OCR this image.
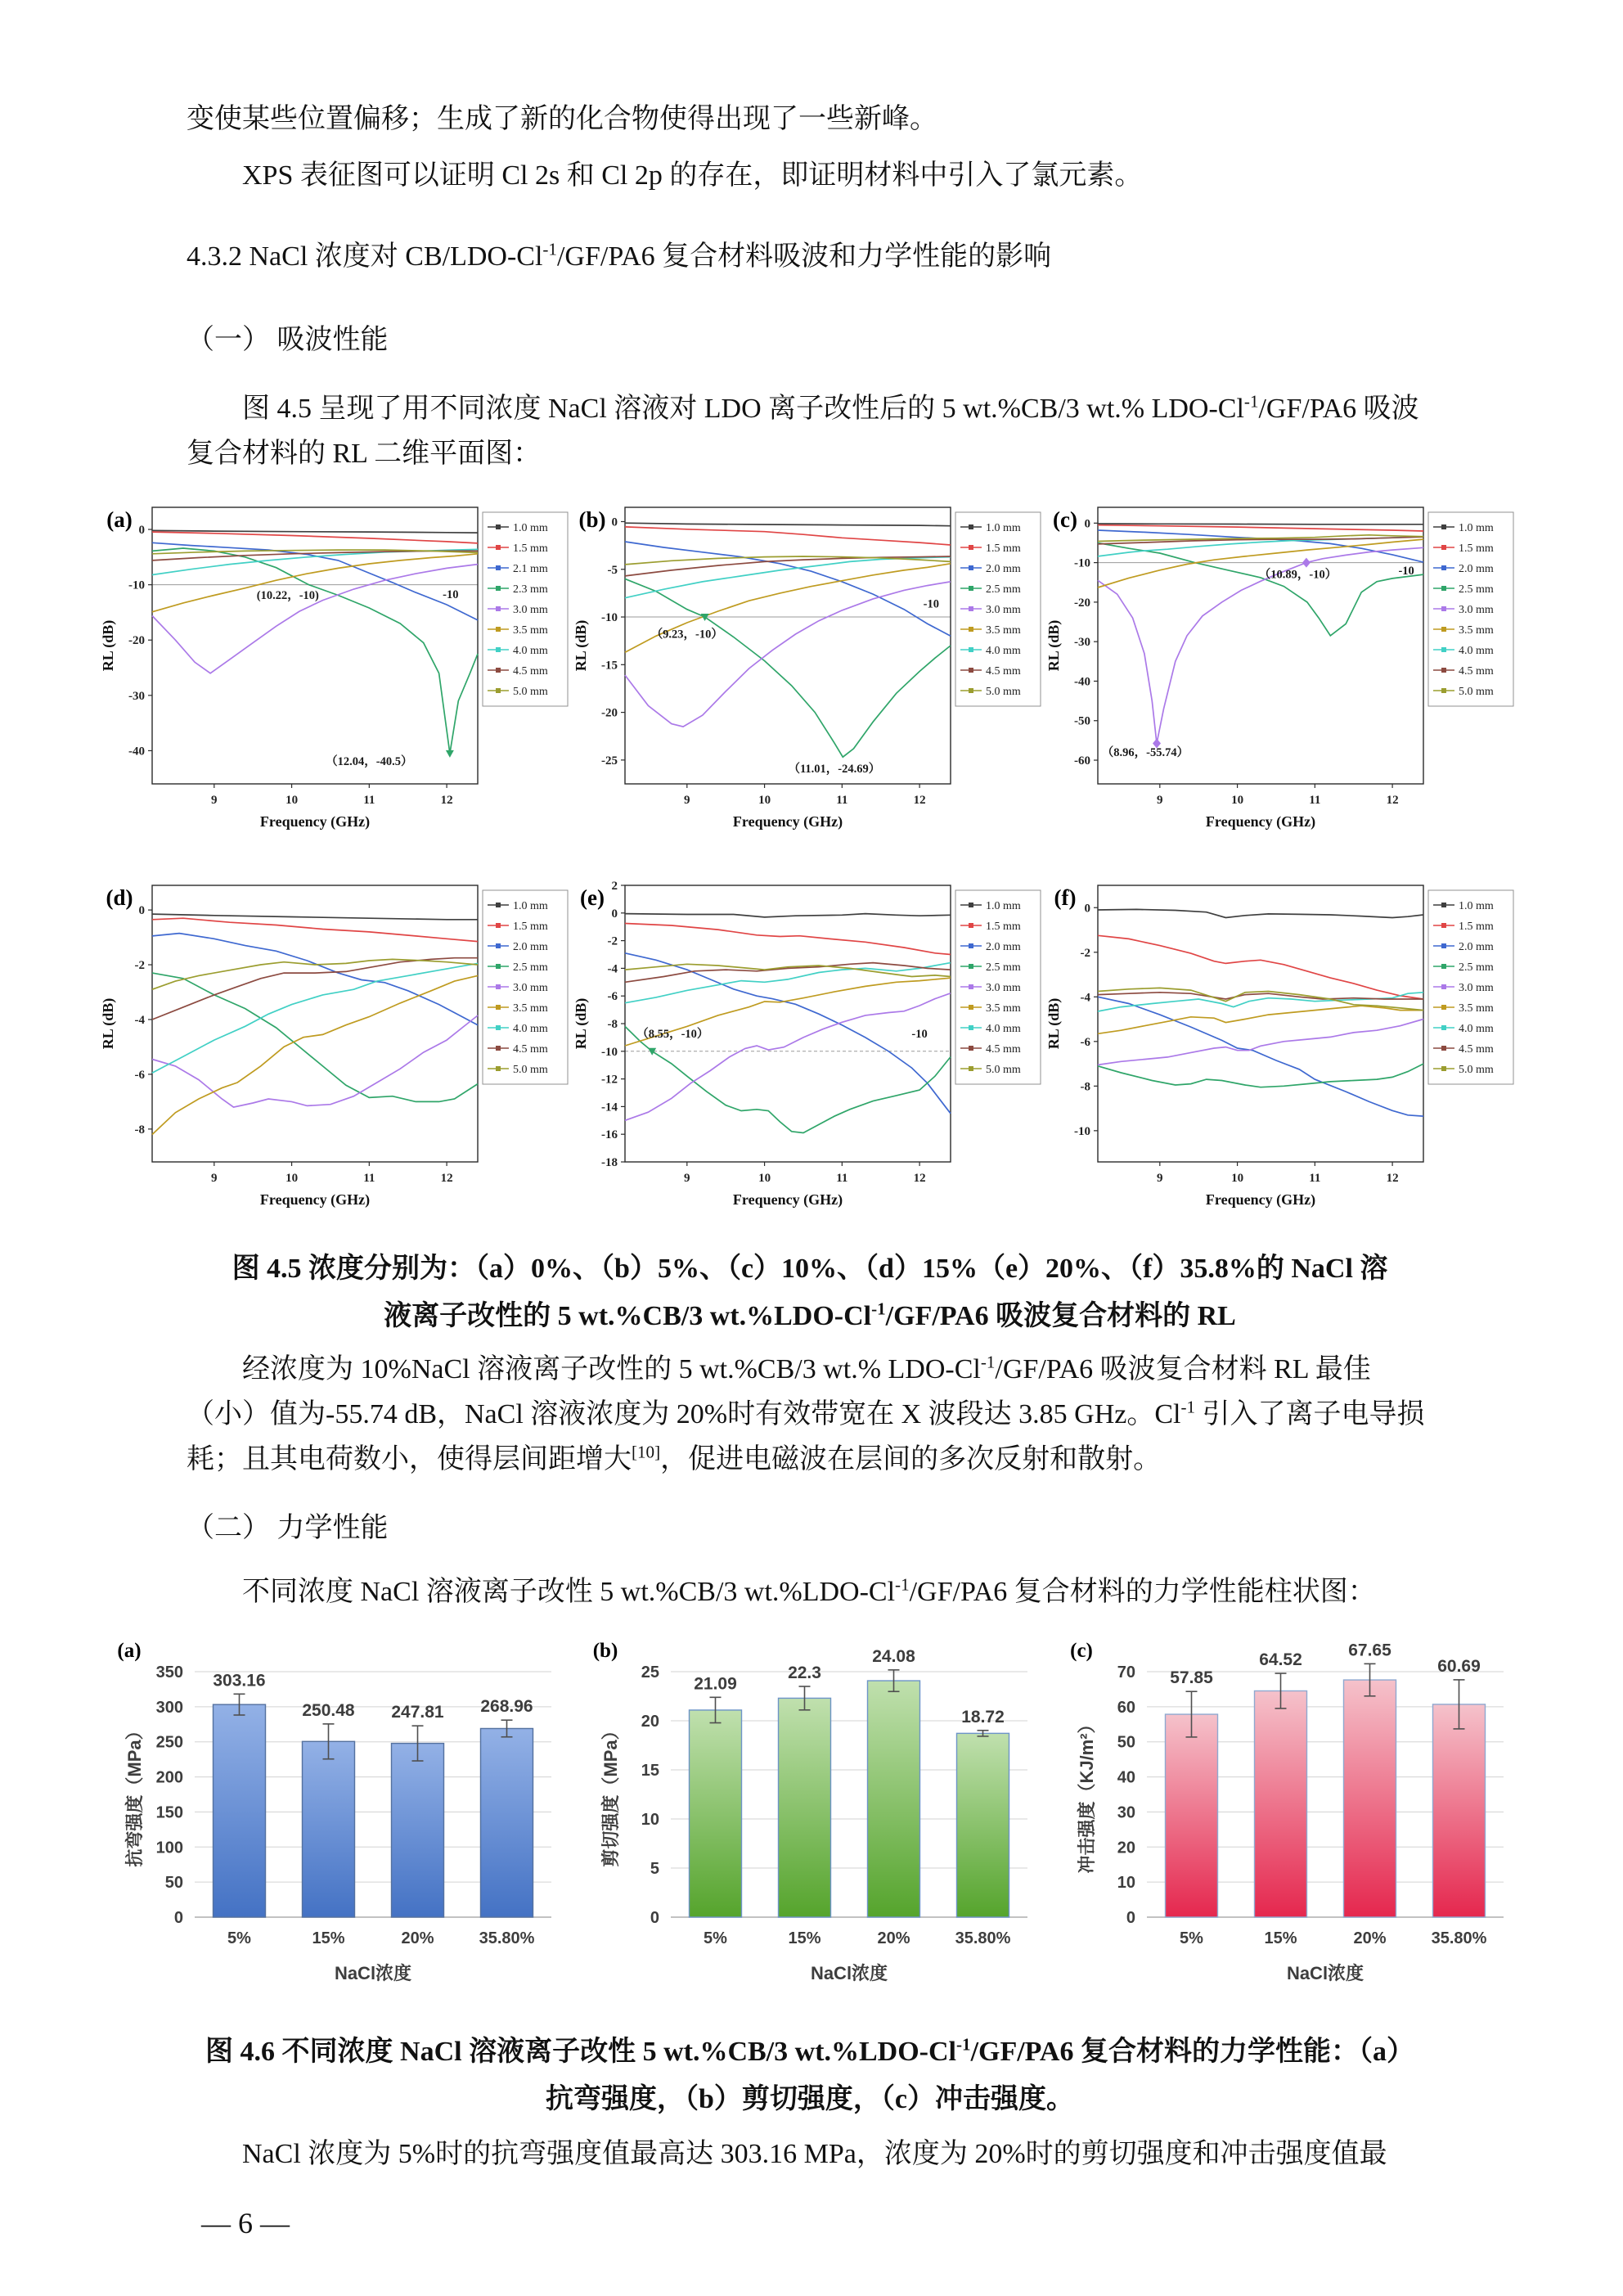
变使某些位置偏移；生成了新的化合物使得出现了一些新峰。

XPS 表征图可以证明 Cl 2s 和 Cl 2p 的存在，即证明材料中引入了氯元素。

4.3.2 NaCl 浓度对 $CB/LDO-Cl^{-1}/GF/PA6$ 复合材料吸波和力学性能的影响

（一） 吸波性能

图 4.5 呈现了用不同浓度 NaCl 溶液对 LDO 离子改性后的 5 wt.%CB/3 wt.% LDO-$Cl^{-1}/GF/PA6$ 吸波复合材料的 RL 二维平面图：

(a)
9	10	11	12
0
-10
-20
-30
-40
Frequency (GHz)
RL (dB)
(10.22，-10)	-10
（12.04，-40.5）
1.0 mm
1.5 mm
2.1 mm
2.3 mm
3.0 mm
3.5 mm
4.0 mm
4.5 mm
5.0 mm
(b)
9	10	11	12
0
-5
-10
-15
-20
-25
Frequency (GHz)
RL (dB)	（9.23，-10）
-10
（11.01，-24.69）
1.0 mm
1.5 mm
2.0 mm
2.5 mm
3.0 mm
3.5 mm
4.0 mm
4.5 mm
5.0 mm
(c)
9	10	11	12
0
-10
-20
-30
-40
-50
-60
Frequency (GHz)
RL (dB)
（10.89，-10）	-10
（8.96，-55.74）
1.0 mm
1.5 mm
2.0 mm
2.5 mm
3.0 mm
3.5 mm
4.0 mm
4.5 mm
5.0 mm
(d)
9	10	11	12
0
-2
-4
-6
-8
Frequency (GHz)
RL (dB)
1.0 mm
1.5 mm
2.0 mm
2.5 mm
3.0 mm
3.5 mm
4.0 mm
4.5 mm
5.0 mm
(e)
9	10	11	12
2
0
-2
-4
-6
-8
-10
-12
-14
-16
-18
Frequency (GHz)
RL (dB)	（8.55，-10）	-10
1.0 mm
1.5 mm
2.0 mm
2.5 mm
3.0 mm
3.5 mm
4.0 mm
4.5 mm
5.0 mm
(f)
9	10	11	12
0
-2
-4
-6
-8
-10
Frequency (GHz)
RL (dB)
1.0 mm
1.5 mm
2.0 mm
2.5 mm
3.0 mm
3.5 mm
4.0 mm
4.5 mm
5.0 mm

图 4.5 浓度分别为：（a）0%、（b）5%、（c）10%、（d）15%（e）20%、（f）35.8%的 NaCl 溶

液离子改性的 5 wt.%CB/3 $wt.\%LDO-Cl^{-1}/GF/PA6$ 吸波复合材料的 RL

经浓度为 10%NaCl 溶液离子改性的 5 wt.%CB/3 wt.% LDO-$Cl^{-1}/GF/PA6$ 吸波复合材料 RL 最佳（小）值为-55.74 dB，NaCl 溶液浓度为 20%时有效带宽在 X 波段达 3.85 GHz。$Cl^{-1}$ 引入了离子电导损耗；且其电荷数小，使得层间距增大[10]，促进电磁波在层间的多次反射和散射。

（二） 力学性能

不同浓度 NaCl 溶液离子改性 5 wt.%CB/3 $wt.\%LDO-Cl^{-1}/GF/PA6$ 复合材料的力学性能柱状图：

(a)
0
50
100
150
200
250
300
350
抗弯强度（MPa）
303.16
5%
250.48
15%
247.81
20%
268.96
35.80%
NaCl浓度
(b)
0
5
10
15
20
25
剪切强度（MPa）
21.09
5%
22.3
15%
24.08
20%
18.72
35.80%
NaCl浓度
(c)
0
10
20
30
40
50
60
70
冲击强度（KJ/m²）
57.85
5%
64.52
15%
67.65
20%
60.69
35.80%
NaCl浓度

图 4.6 不同浓度 NaCl 溶液离子改性 5 wt.%CB/3 $wt.\%LDO-Cl^{-1}/GF/PA6$ 复合材料的力学性能：（a）

抗弯强度，（b）剪切强度，（c）冲击强度。

NaCl 浓度为 5%时的抗弯强度值最高达 303.16 MPa，浓度为 20%时的剪切强度和冲击强度值最

— 6 —
